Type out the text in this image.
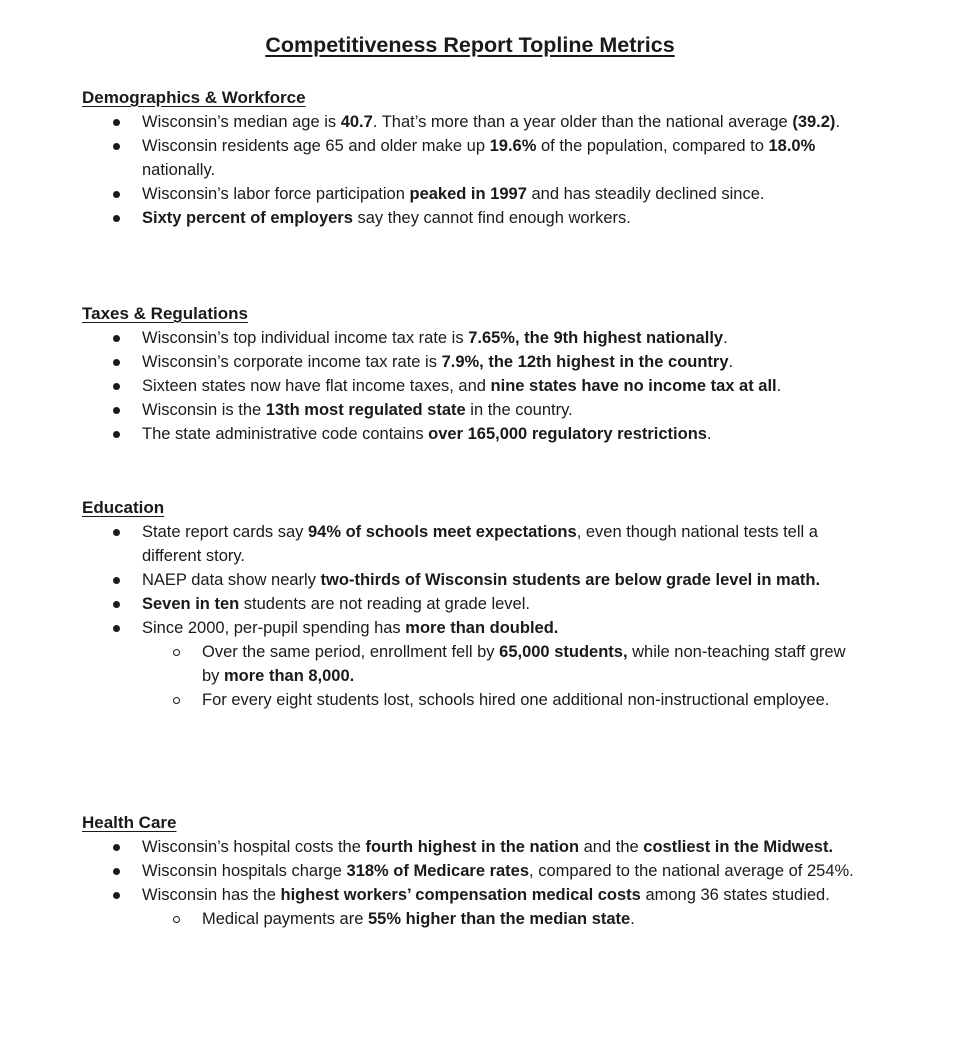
Competitiveness Report Topline Metrics
Demographics & Workforce
Wisconsin’s median age is 40.7. That’s more than a year older than the national average (39.2).
Wisconsin residents age 65 and older make up 19.6% of the population, compared to 18.0% nationally.
Wisconsin’s labor force participation peaked in 1997 and has steadily declined since.
Sixty percent of employers say they cannot find enough workers.
Taxes & Regulations
Wisconsin’s top individual income tax rate is 7.65%, the 9th highest nationally.
Wisconsin’s corporate income tax rate is 7.9%, the 12th highest in the country.
Sixteen states now have flat income taxes, and nine states have no income tax at all.
Wisconsin is the 13th most regulated state in the country.
The state administrative code contains over 165,000 regulatory restrictions.
Education
State report cards say 94% of schools meet expectations, even though national tests tell a different story.
NAEP data show nearly two-thirds of Wisconsin students are below grade level in math.
Seven in ten students are not reading at grade level.
Since 2000, per-pupil spending has more than doubled.
Over the same period, enrollment fell by 65,000 students, while non-teaching staff grew by more than 8,000.
For every eight students lost, schools hired one additional non-instructional employee.
Health Care
Wisconsin’s hospital costs the fourth highest in the nation and the costliest in the Midwest.
Wisconsin hospitals charge 318% of Medicare rates, compared to the national average of 254%.
Wisconsin has the highest workers’ compensation medical costs among 36 states studied.
Medical payments are 55% higher than the median state.
